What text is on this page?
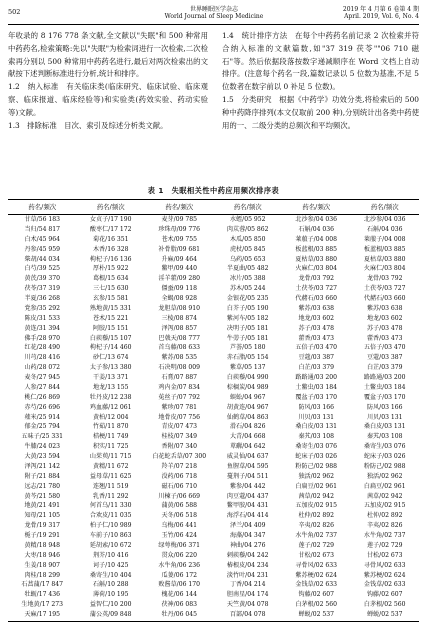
502	世界睡眠医学杂志
World Journal of Sleep Medicine
2019 年 4 月第 6 卷第 4 期
April. 2019, Vol. 6, No. 4

年收录的 8 176 778 条文献,全文献以"失眠"和 500 种常用中药药名,检索策略:先以"失眠"为检索词进行一次检索,二次检索再分别以 500 种常用中药药名进行,最后对两次检索出的文献按下述判断标准进行分析,统计和排序。

1.2　纳入标准　有关临床类(临床研究、临床试验、临床观察、临床报道、临床经验等)和实验类(药效实验、药动实验等)文献。

1.3　排除标准　目次、索引及综述分析类文献。

1.4　统计排序方法　在每个中药药名前记录 2 次检索并符合纳入标准的文献篇数,如"37 319 茯苓""06 710 磁石"等。然后依据段落按数字递减顺序在 Word 文档上自动排序。(注意每个药名一段,篇数记录以 5 位数为基准,不足 5 位数者在数字前以 0 补足 5 位数)。

1.5　分类研究　根据《中药学》功效分类,将检索后的 500 种中药降序排列(本文仅取前 200 种),分别统计出各类中药使用的一、二级分类的总频次和平均频次。

表 1　失眠相关性中药应用频次排序表
药名/频次	药名/频次	药名/频次	药名/频次	药名/频次	药名/频次
甘草/56 183	女贞子/17 190	麦芽/09 785	水蛭/05 952	北沙参/04 036	北沙参/04 036
当归/54 817	酸枣仁/17 172	珍珠母/09 776	肉苁蓉/05 862	石斛/04 036	石斛/04 036
白术/45 964	菊花/16 351	苍术/09 755	木瓜/05 850	莱菔子/04 008	莱菔子/04 008
丹参/45 959	木香/16 328	补骨脂/09 681	虎杖/05 845	板蓝根/03 885	板蓝根/03 885
柴胡/44 034	枸杞子/16 136	升麻/09 464	乌药/05 653	夏枯草/03 880	夏枯草/03 880
白芍/39 525	厚朴/15 922	鳖甲/09 440	半夏曲/05 482	火麻仁/03 804	火麻仁/03 804
黄芪/39 370	葛根/15 634	淫羊藿/09 280	冰片/05 388	龙骨/03 792	龙骨/03 792
茯苓/37 319	三七/15 630	僵蚕/09 118	苏木/05 244	土茯苓/03 727	土茯苓/03 727
半夏/36 268	玄参/15 581	全蝎/08 928	金银花/05 235	代赭石/03 660	代赭石/03 660
党参/35 292	熟地黄/15 331	龙胆草/08 910	白芥子/05 190	紫苏/03 638	紫苏/03 638
陈皮/31 533	苍术/15 221	三棱/08 874	紫河车/05 182	地龙/03 602	地龙/03 602
黄连/31 394	阿胶/15 151	泽泻/08 857	决明子/05 181	苏子/03 478	苏子/03 478
佛手/28 970	白蒺藜/15 107	巴戟天/08 777	牛蒡子/05 181	藿香/03 473	藿香/03 473
红花/28 490	枸杞子/14 460	首乌藤/08 633	芦荟/05 180	五倍子/03 470	五倍子/03 470
川芎/28 416	砂仁/13 674	紫苏/08 535	赤石脂/05 154	豆蔻/03 387	豆蔻/03 387
山药/28 072	太子参/13 380	石决明/08 009	紫草/05 137	白芷/03 379	白芷/03 379
麦冬/27 945	干姜/13 371	石膏/07 887	白蒺藜/04 990	路路通/03 200	路路通/03 200
人参/27 844	地龙/13 155	鸡内金/07 834	棕榈炭/04 989	土鳖虫/03 184	土鳖虫/03 184
桃仁/26 869	牡丹皮/12 238	菟丝子/07 792	蜈蚣/04 967	覆盆子/03 170	覆盆子/03 170
赤芍/26 696	鸡血藤/12 061	紫珍/07 781	胡黄连/04 967	防风/03 166	防风/03 166
薤米/25 914	黄柏/12 004	地骨皮/07 756	仙鹤草/04 863	川贝/03 131	川贝/03 131
郁金/25 794	竹茹/11 870	青皮/07 473	滑石/04 826	桑白皮/03 131	桑白皮/03 131
五味子/25 331	桔梗/11 749	桂枝/07 349	大青/04 668	秦艽/03 108	秦艽/03 108
牛膝/24 023	积实/11 725	香附/07 340	萆薢/04 642	桑寄生/03 076	桑寄生/03 076
大黄/23 594	山茱萸/11 715	白花蛇舌草/07 300	威灵仙/04 637	蛇床子/03 026	蛇床子/03 026
泽泻/21 142	黄精/11 672	羚羊/07 218	鱼腥草/04 595	粉防己/02 988	粉防己/02 988
附子/21 884	益母草/11 625	没药/06 718	蔓荆子/04 511	独活/02 962	独活/02 962
远志/21 780	连翘/11 519	磁石/06 710	紫参/04 442	白扁豆/02 961	白扁豆/02 961
黄芩/21 580	乳香/11 292	川楝子/06 669	肉豆蔻/04 437	茜草/02 942	茜草/02 942
地黄/21 491	何首乌/11 330	蒲黄/06 588	鳖甲胶/04 431	五加皮/02 915	五加皮/02 915
知母/21 105	合欢皮/11 035	天冬/06 518	海浮石/04 414	杜仲/02 892	杜仲/02 892
龙骨/19 317	柏子仁/10 989	乌梅/06 441	泽兰/04 409	辛夷/02 826	辛夷/02 826
栀子/19 291	车前子/10 863	玉竹/06 424	海藻/04 347	水牛角/02 737	水牛角/02 737
黄精/18 948	延胡索/10 672	绿萼梅/06 371	神曲/04 276	莲子/02 729	莲子/02 729
大枣/18 946	荆芥/10 416	贯众/06 220	刺蒺藜/04 242	甘松/02 673	甘松/02 673
生姜/18 907	诃子/10 425	水牛角/06 236	椿根皮/04 234	寻骨风/02 633	寻骨风/02 633
肉桂/18 299	桑寄生/10 404	瓜蒌/06 172	淡竹叶/04 231	紫苏梗/02 624	紫苏梗/02 624
石菖蒲/17 847	石斛/10 288	败酱草/06 170	丁香/04 214	金钱草/02 633	金钱草/02 633
牡蛎/17 436	薄荷/10 195	槐花/06 144	胆南星/04 174	钩藤/02 607	钩藤/02 607
生地黄/17 273	益智仁/10 200	茯神/06 083	天竺黄/04 078	白茅根/02 560	白茅根/02 560
天麻/17 195	蒲公英/09 848	牡丹/06 045	百部/04 078	蝉蜕/02 537	蝉蜕/02 537
